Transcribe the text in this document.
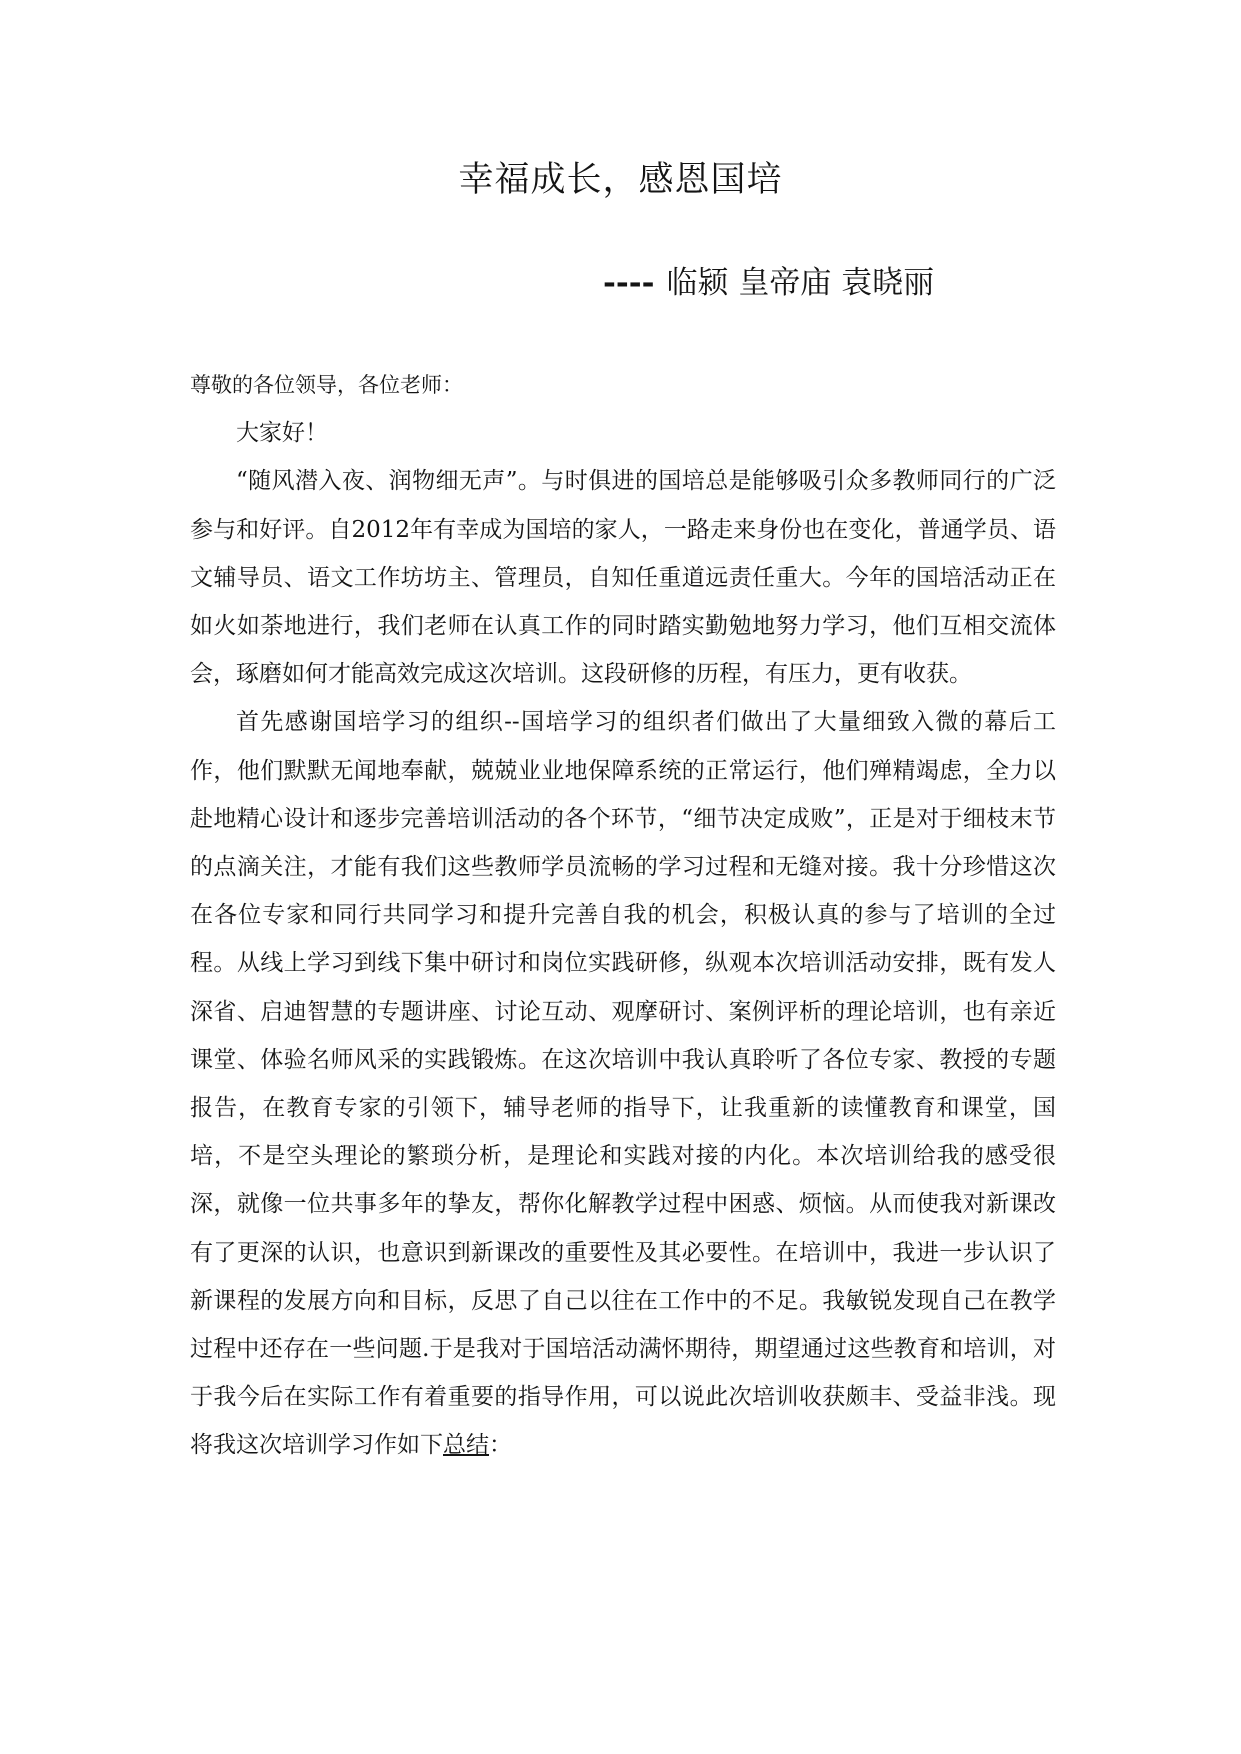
幸福成长，感恩国培
---- 临颍 皇帝庙 袁晓丽

尊敬的各位领导，各位老师：

大家好！

“随风潜入夜、润物细无声”。与时俱进的国培总是能够吸引众多教师同行的广泛参与和好评。自2012年有幸成为国培的家人，一路走来身份也在变化，普通学员、语文辅导员、语文工作坊坊主、管理员，自知任重道远责任重大。今年的国培活动正在如火如荼地进行，我们老师在认真工作的同时踏实勤勉地努力学习，他们互相交流体会，琢磨如何才能高效完成这次培训。这段研修的历程，有压力，更有收获。

首先感谢国培学习的组织--国培学习的组织者们做出了大量细致入微的幕后工作，他们默默无闻地奉献，兢兢业业地保障系统的正常运行，他们殚精竭虑，全力以赴地精心设计和逐步完善培训活动的各个环节，“细节决定成败”，正是对于细枝末节的点滴关注，才能有我们这些教师学员流畅的学习过程和无缝对接。我十分珍惜这次在各位专家和同行共同学习和提升完善自我的机会，积极认真的参与了培训的全过程。从线上学习到线下集中研讨和岗位实践研修，纵观本次培训活动安排，既有发人深省、启迪智慧的专题讲座、讨论互动、观摩研讨、案例评析的理论培训，也有亲近课堂、体验名师风采的实践锻炼。在这次培训中我认真聆听了各位专家、教授的专题报告，在教育专家的引领下，辅导老师的指导下，让我重新的读懂教育和课堂，国培，不是空头理论的繁琐分析，是理论和实践对接的内化。本次培训给我的感受很深，就像一位共事多年的挚友，帮你化解教学过程中困惑、烦恼。从而使我对新课改有了更深的认识，也意识到新课改的重要性及其必要性。在培训中，我进一步认识了新课程的发展方向和目标，反思了自己以往在工作中的不足。我敏锐发现自己在教学过程中还存在一些问题.于是我对于国培活动满怀期待，期望通过这些教育和培训，对于我今后在实际工作有着重要的指导作用，可以说此次培训收获颇丰、受益非浅。现将我这次培训学习作如下总结：
